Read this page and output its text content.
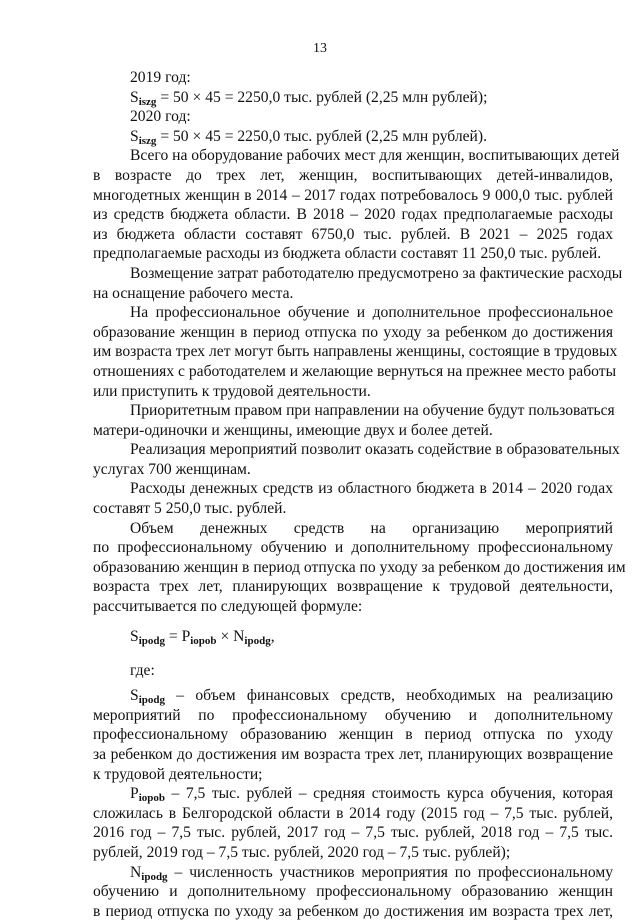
13
2019 год:
$S_{iszg} = 50 \times 45 = 2250,0$ тыс. рублей (2,25 млн рублей);
2020 год:
$S_{iszg} = 50 \times 45 = 2250,0$ тыс. рублей (2,25 млн рублей).
Всего на оборудование рабочих мест для женщин, воспитывающих детей
в возрасте до трех лет, женщин, воспитывающих детей-инвалидов,
многодетных женщин в 2014 – 2017 годах потребовалось 9 000,0 тыс. рублей
из средств бюджета области. В 2018 – 2020 годах предполагаемые расходы
из бюджета области составят 6750,0 тыс. рублей. В 2021 – 2025 годах
предполагаемые расходы из бюджета области составят 11 250,0 тыс. рублей.
Возмещение затрат работодателю предусмотрено за фактические расходы
на оснащение рабочего места.
На профессиональное обучение и дополнительное профессиональное
образование женщин в период отпуска по уходу за ребенком до достижения
им возраста трех лет могут быть направлены женщины, состоящие в трудовых
отношениях с работодателем и желающие вернуться на прежнее место работы
или приступить к трудовой деятельности.
Приоритетным правом при направлении на обучение будут пользоваться
матери-одиночки и женщины, имеющие двух и более детей.
Реализация мероприятий позволит оказать содействие в образовательных
услугах 700 женщинам.
Расходы денежных средств из областного бюджета в 2014 – 2020 годах
составят 5 250,0 тыс. рублей.
Объем денежных средств на организацию мероприятий
по профессиональному обучению и дополнительному профессиональному
образованию женщин в период отпуска по уходу за ребенком до достижения им
возраста трех лет, планирующих возвращение к трудовой деятельности,
рассчитывается по следующей формуле:
$S_{ipodg} = P_{iopob} \times N_{ipodg}$,
где:
$S_{ipodg}$ – объем финансовых средств, необходимых на реализацию
мероприятий по профессиональному обучению и дополнительному
профессиональному образованию женщин в период отпуска по уходу
за ребенком до достижения им возраста трех лет, планирующих возвращение
к трудовой деятельности;
$P_{iopob} - 7,5$ тыс. рублей – средняя стоимость курса обучения, которая
сложилась в Белгородской области в 2014 году (2015 год – 7,5 тыс. рублей,
2016 год – 7,5 тыс. рублей, 2017 год – 7,5 тыс. рублей, 2018 год – 7,5 тыс.
рублей, 2019 год – 7,5 тыс. рублей, 2020 год – 7,5 тыс. рублей);
$N_{ipodg}$ – численность участников мероприятия по профессиональному
обучению и дополнительному профессиональному образованию женщин
в период отпуска по уходу за ребенком до достижения им возраста трех лет,
